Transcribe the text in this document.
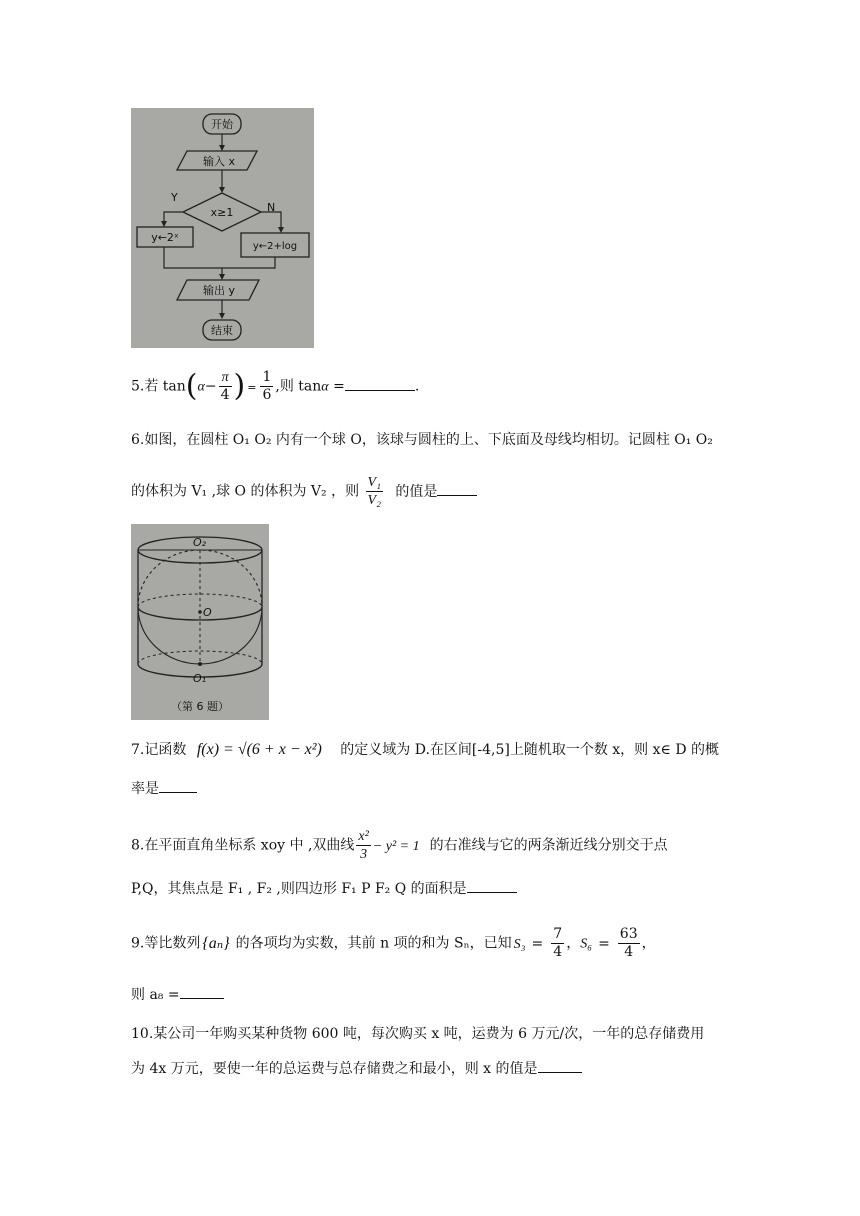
开始
输入 x
x≥1
Y
N
y←2ˣ
y←2+log
输出 y
结束
5.若 $\tan(\alpha- \frac{\pi}{4}$ ) = $\frac{1}{6}$ ,则 tanα =	.
6.如图，在圆柱 O₁ O₂ 内有一个球 O，该球与圆柱的上、下底面及母线均相切。记圆柱 O₁ O₂
的体积为 V₁ ,球 O 的体积为 V₂ ，则 $\frac{\text{V₁}}{\text{V₂}}$ 的值是
O₂
O
O₁
（第 6 题）
7.记函数 f(x) = √(6 + x − x²) 的定义域为 D.在区间[-4,5]上随机取一个数 x，则 x∈ D 的概
率是
8.在平面直角坐标系 xoy 中 ,双曲线 $\frac{\text{x²}}{3} - y^2 = 1$ 的右准线与它的两条渐近线分别交于点
P,Q，其焦点是 F₁ , F₂ ,则四边形 F₁ P F₂ Q 的面积是
9.等比数列 {aₙ} 的各项均为实数，其前 n 项的和为 Sₙ，已知 $S_3 = \frac{7}{4}$ ，$S_6 = \frac{63}{4}$ ，
则 a₈ =
10.某公司一年购买某种货物 600 吨，每次购买 x 吨，运费为 6 万元/次，一年的总存储费用
为 4x 万元，要使一年的总运费与总存储费之和最小，则 x 的值是
